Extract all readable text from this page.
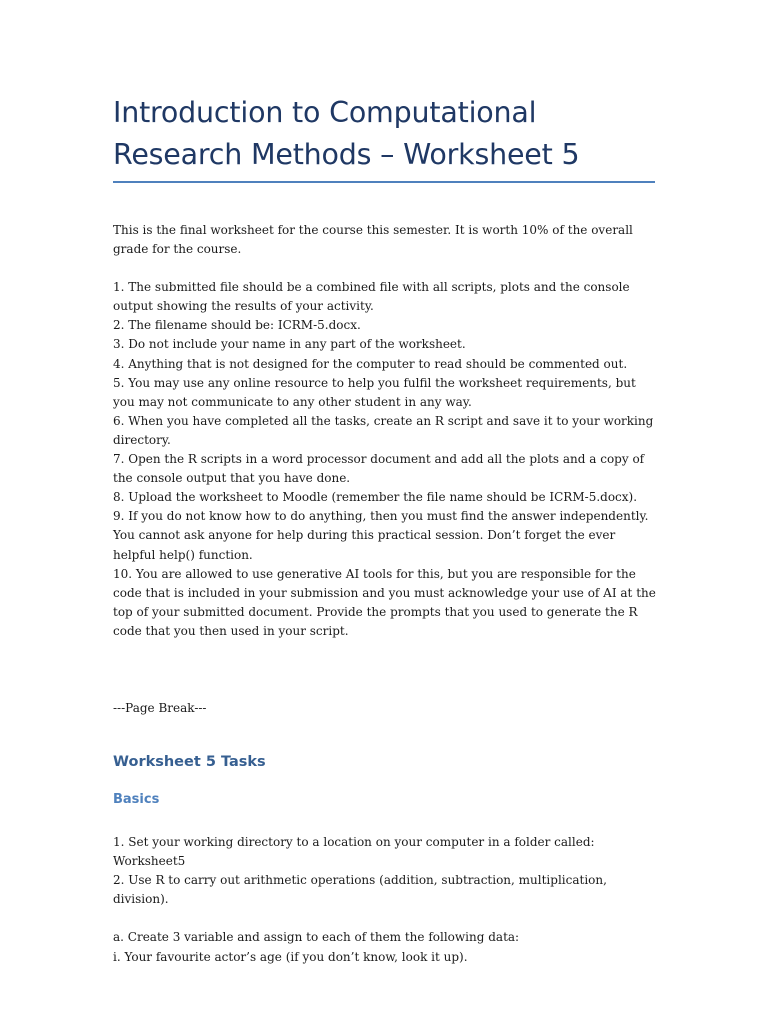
Introduction to Computational
Research Methods – Worksheet 5

This is the final worksheet for the course this semester. It is worth 10% of the overall grade for the course.

1. The submitted file should be a combined file with all scripts, plots and the console output showing the results of your activity.
2. The filename should be: ICRM-5.docx.
3. Do not include your name in any part of the worksheet.
4. Anything that is not designed for the computer to read should be commented out.
5. You may use any online resource to help you fulfil the worksheet requirements, but you may not communicate to any other student in any way.
6. When you have completed all the tasks, create an R script and save it to your working directory.
7. Open the R scripts in a word processor document and add all the plots and a copy of the console output that you have done.
8. Upload the worksheet to Moodle (remember the file name should be ICRM-5.docx).
9. If you do not know how to do anything, then you must find the answer independently. You cannot ask anyone for help during this practical session. Don’t forget the ever helpful help() function.
10. You are allowed to use generative AI tools for this, but you are responsible for the code that is included in your submission and you must acknowledge your use of AI at the top of your submitted document. Provide the prompts that you used to generate the R code that you then used in your script.

---Page Break---

Worksheet 5 Tasks
Basics
1. Set your working directory to a location on your computer in a folder called: Worksheet5
2. Use R to carry out arithmetic operations (addition, subtraction, multiplication, division).
a. Create 3 variable and assign to each of them the following data:
i. Your favourite actor’s age (if you don’t know, look it up).
